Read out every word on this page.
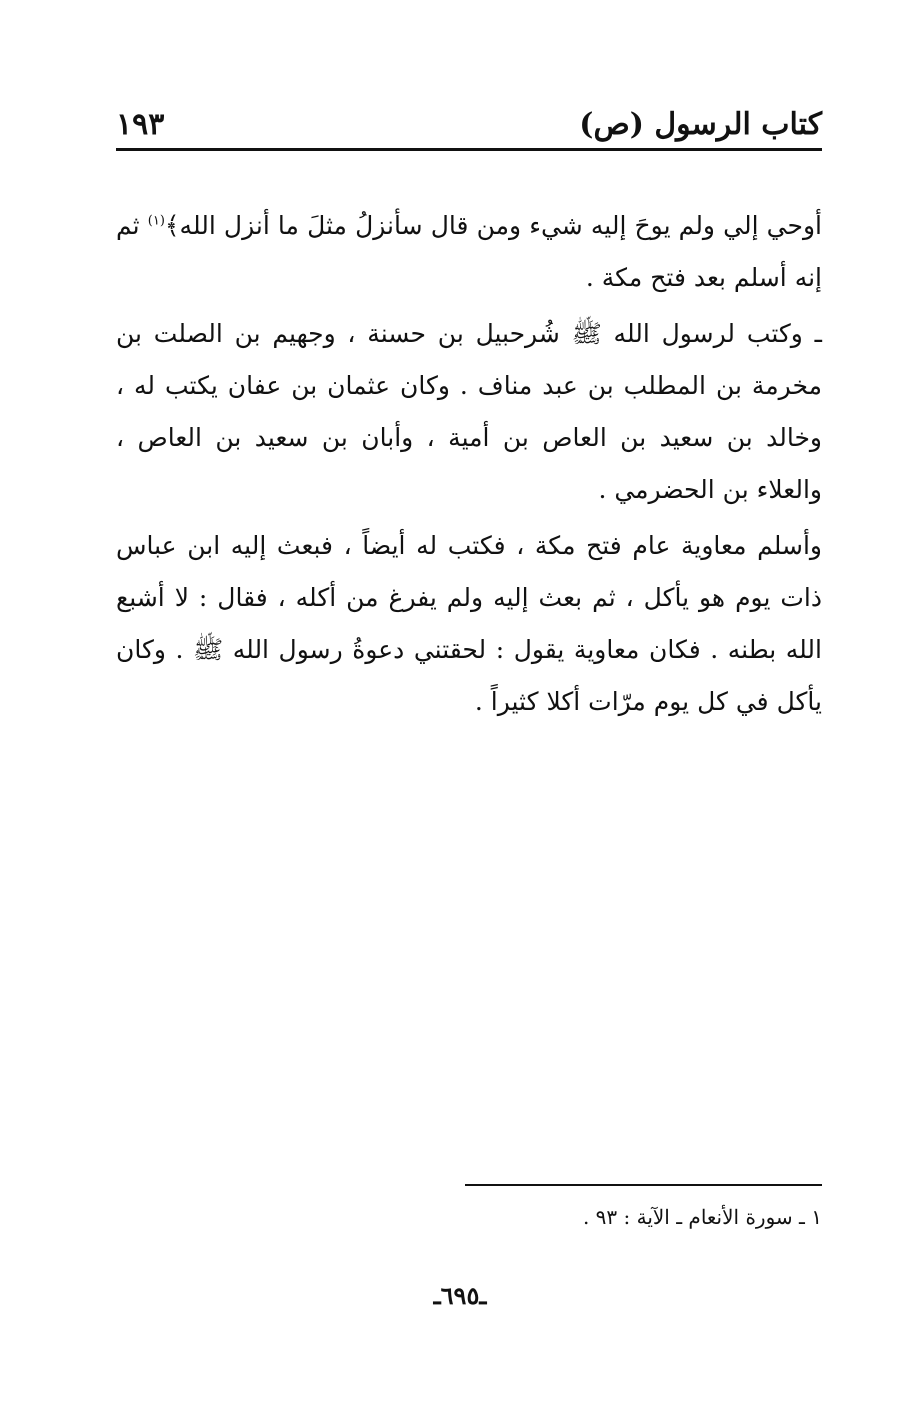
كتاب الرسول (ص)
١٩٣

أوحي إلي ولم يوحَ إليه شيء ومن قال سأنزلُ مثلَ ما أنزل الله﴾$^{(١)}$ ثم إنه أسلم بعد فتح مكة .

ـ وكتب لرسول الله ﷺ شُرحبيل بن حسنة ، وجهيم بن الصلت بن مخرمة بن المطلب بن عبد مناف . وكان عثمان بن عفان يكتب له ، وخالد بن سعيد بن العاص بن أمية ، وأبان بن سعيد بن العاص ، والعلاء بن الحضرمي .

وأسلم معاوية عام فتح مكة ، فكتب له أيضاً ، فبعث إليه ابن عباس ذات يوم هو يأكل ، ثم بعث إليه ولم يفرغ من أكله ، فقال : لا أشبع الله بطنه . فكان معاوية يقول : لحقتني دعوةُ رسول الله ﷺ . وكان يأكل في كل يوم مرّات أكلا كثيراً .

١ ـ سورة الأنعام ـ الآية : ٩٣ .
ـ٦٩٥ـ
